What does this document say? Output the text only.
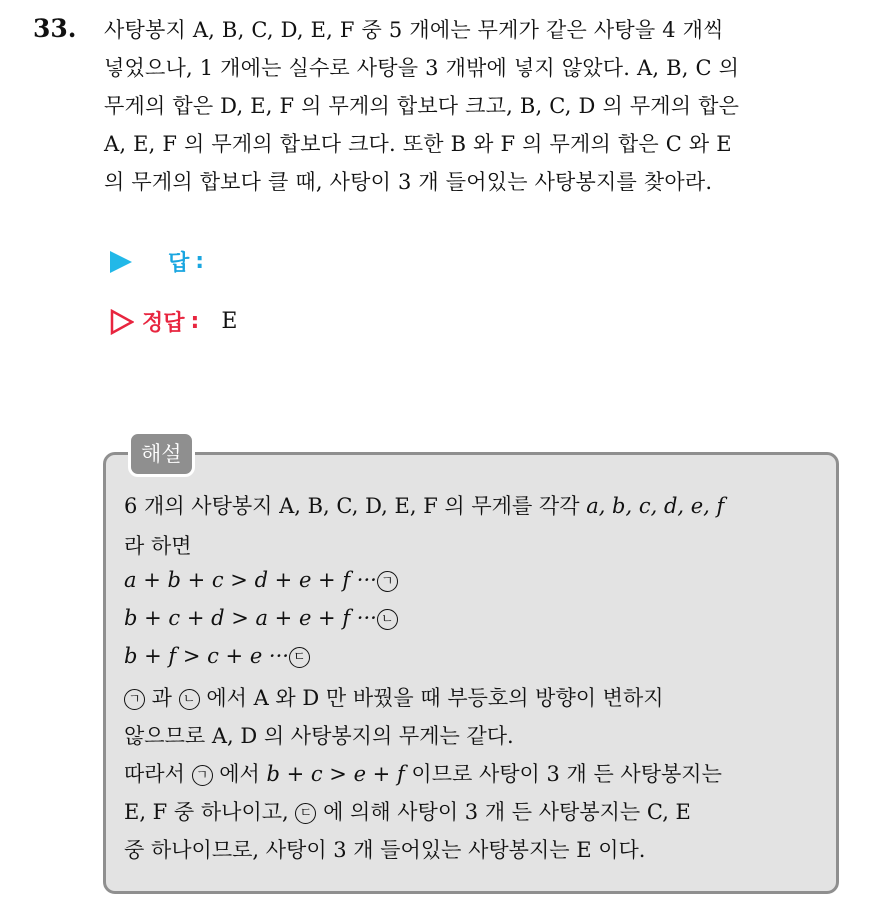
33. 사탕봉지 A, B, C, D, E, F 중 5 개에는 무게가 같은 사탕을 4 개씩
넣었으나, 1 개에는 실수로 사탕을 3 개밖에 넣지 않았다. A, B, C 의
무게의 합은 D, E, F 의 무게의 합보다 크고, B, C, D 의 무게의 합은
A, E, F 의 무게의 합보다 크다. 또한 B 와 F 의 무게의 합은 C 와 E
의 무게의 합보다 클 때, 사탕이 3 개 들어있는 사탕봉지를 찾아라.
답 :
정답 : E
해설
6 개의 사탕봉지 A, B, C, D, E, F 의 무게를 각각 a, b, c, d, e, f
라 하면
a + b + c > d + e + f ··· ㄱ
b + c + d > a + e + f ··· ㄴ
b + f > c + e ··· ㄷ
ㄱ 과 ㄴ 에서 A 와 D 만 바꿨을 때 부등호의 방향이 변하지
않으므로 A, D 의 사탕봉지의 무게는 같다.
따라서 ㄱ 에서 b + c > e + f 이므로 사탕이 3 개 든 사탕봉지는
E, F 중 하나이고, ㄷ 에 의해 사탕이 3 개 든 사탕봉지는 C, E
중 하나이므로, 사탕이 3 개 들어있는 사탕봉지는 E 이다.
